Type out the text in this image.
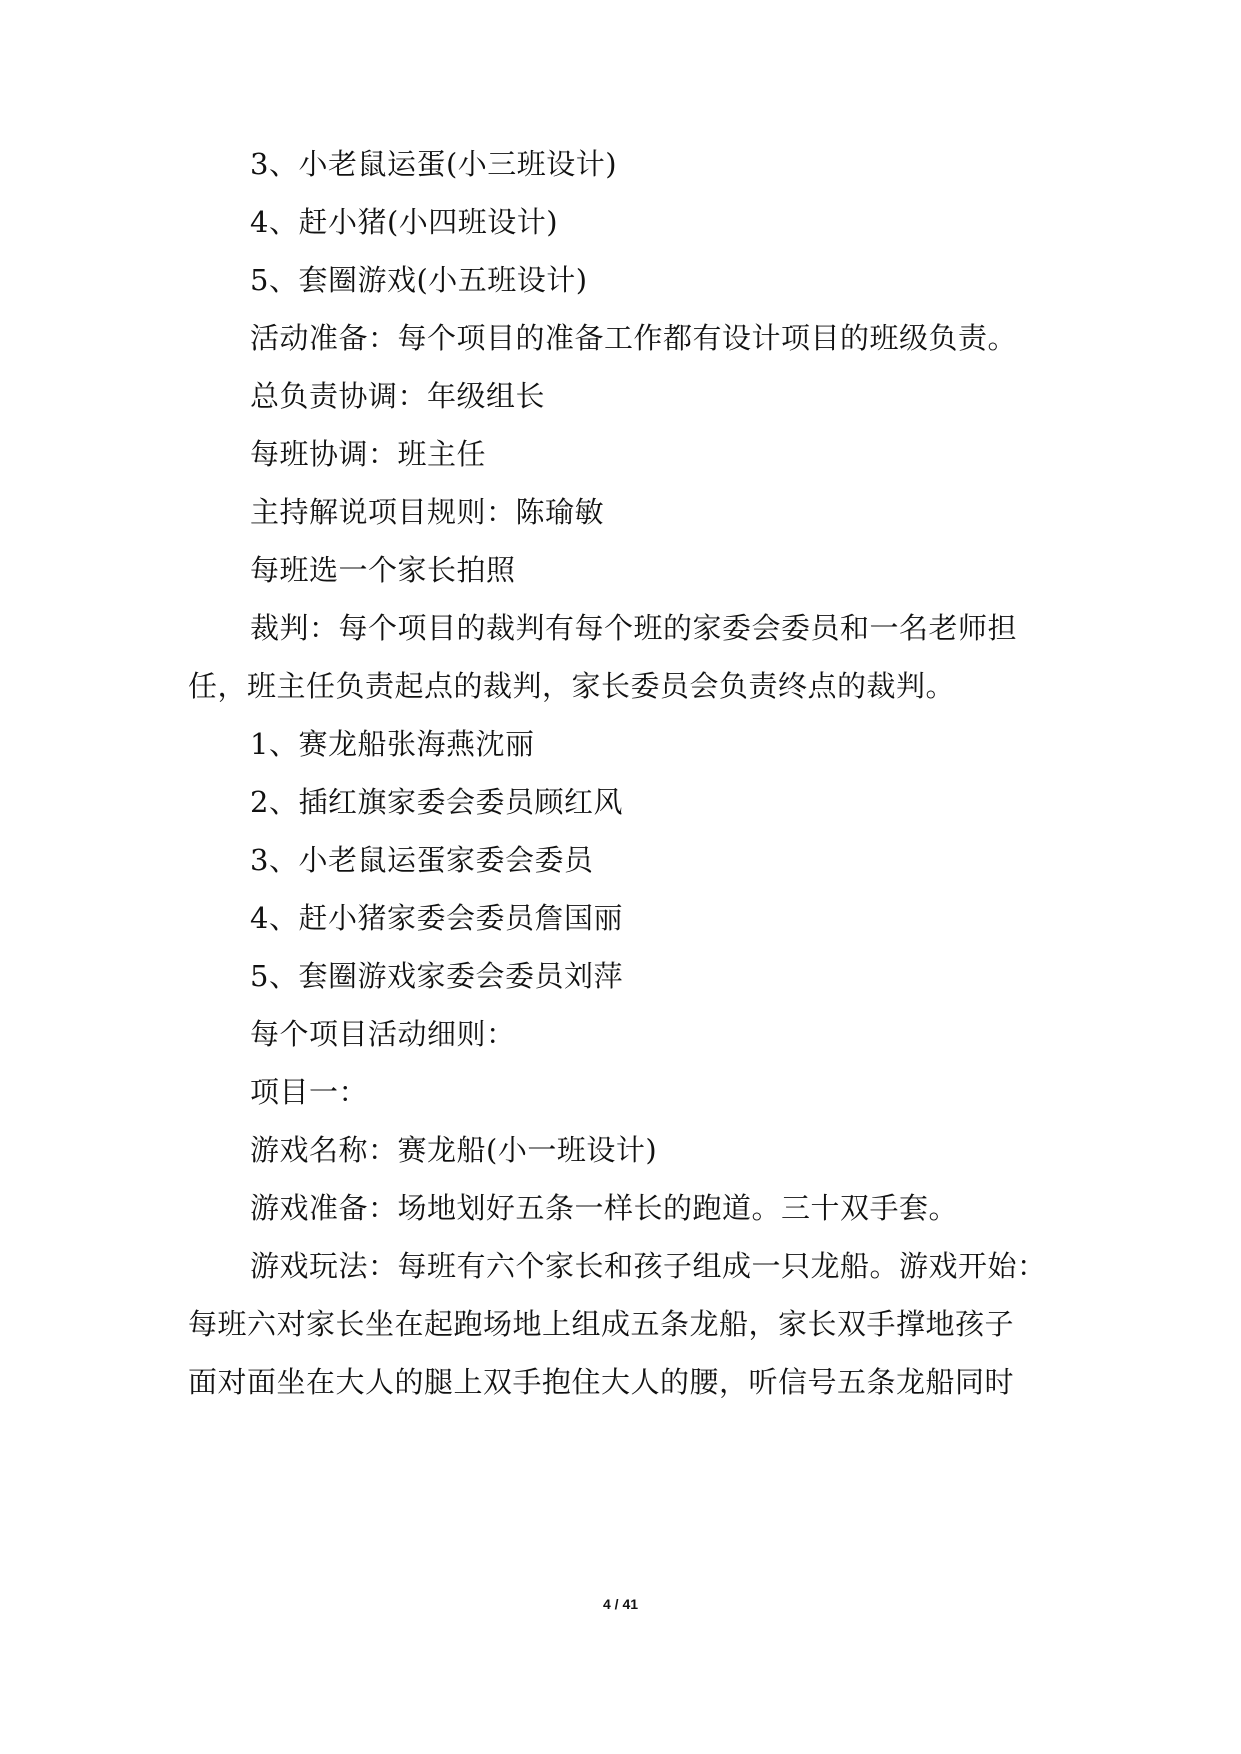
3、小老鼠运蛋(小三班设计)
4、赶小猪(小四班设计)
5、套圈游戏(小五班设计)
活动准备：每个项目的准备工作都有设计项目的班级负责。
总负责协调：年级组长
每班协调：班主任
主持解说项目规则：陈瑜敏
每班选一个家长拍照
裁判：每个项目的裁判有每个班的家委会委员和一名老师担
任，班主任负责起点的裁判，家长委员会负责终点的裁判。
1、赛龙船张海燕沈丽
2、插红旗家委会委员顾红风
3、小老鼠运蛋家委会委员
4、赶小猪家委会委员詹国丽
5、套圈游戏家委会委员刘萍
每个项目活动细则：
项目一：
游戏名称：赛龙船(小一班设计)
游戏准备：场地划好五条一样长的跑道。三十双手套。
游戏玩法：每班有六个家长和孩子组成一只龙船。游戏开始：
每班六对家长坐在起跑场地上组成五条龙船，家长双手撑地孩子
面对面坐在大人的腿上双手抱住大人的腰，听信号五条龙船同时
4 / 41
